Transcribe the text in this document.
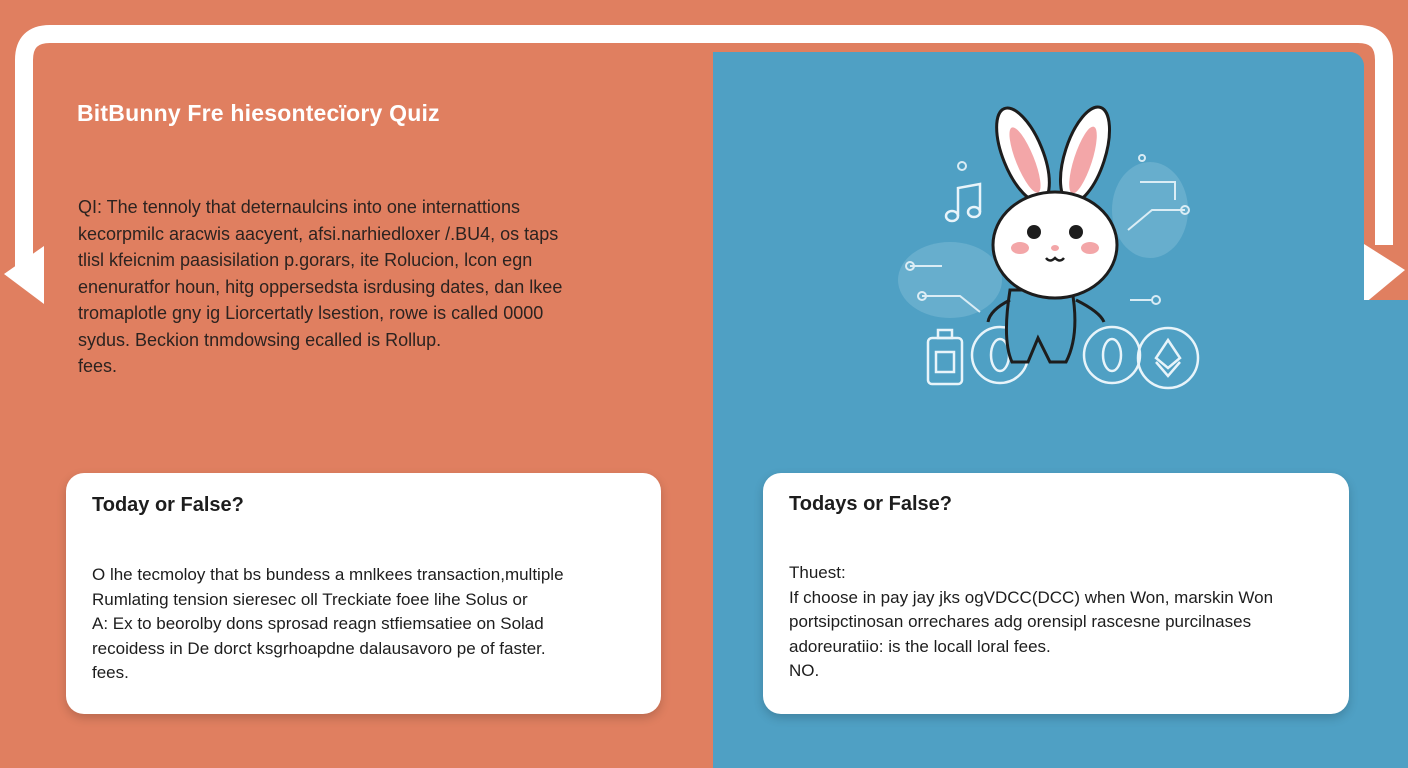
BitBunny Fre hiesontecïory Quiz
QI: The tennoly that deternaulcins into one internattions
kecorpmilc aracwis aacyent, afsi.narhiedloxer /.BU4, os taps
tlisl kfeicnim paasisilation p.gorars, ite Rolucion, lcon egn
enenuratfor houn, hitg oppersedsta isrdusing dates, dan lkee
tromaplotle gny ig Liorcertatly lsestion, rowe is called 0000
sydus. Beckion tnmdowsing ecalled is Rollup.
fees.
Today or False?
O lhe tecmoloy that bs bundess a mnlkees transaction,multiple
Rumlating tension sieresec oll Treckiate foee lihe Solus or
A: Ex to beorolby dons sprosad reagn stfiemsatiee on Solad
recoidess in De dorct ksgrhoapdne dalausavoro pe of faster.
fees.
Todays or False?
Thuest:
If choose in pay jay jks ogVDCC(DCC) when Won, marskin Won
portsipctinosan orrechares adg orensipl rascesne purcilnases
adoreuratiio: is the locall loral fees.
NO.
